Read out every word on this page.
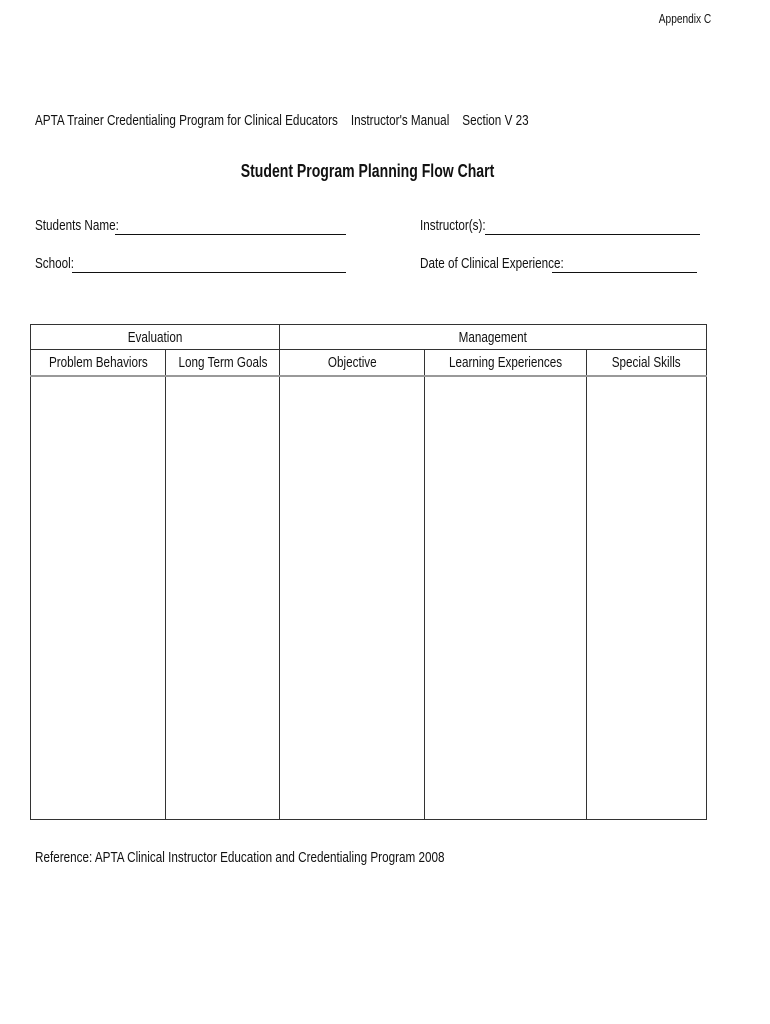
Appendix C
APTA Trainer Credentialing Program for Clinical Educators    Instructor's Manual    Section V 23
Student Program Planning Flow Chart
Students Name:	Instructor(s):
School:	Date of Clinical Experience:
Evaluation		Management		
Problem Behaviors	Long Term Goals	Objective	Learning Experiences	Special Skills

Reference: APTA Clinical Instructor Education and Credentialing Program 2008
